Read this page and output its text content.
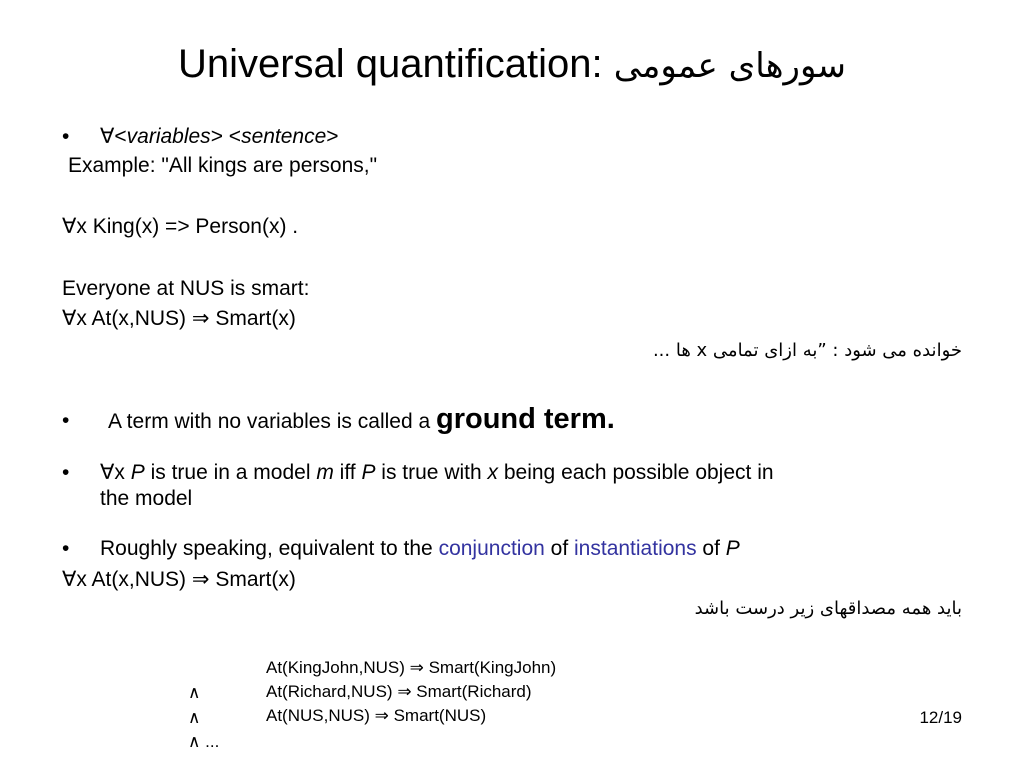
Universal quantification: سورهای عمومی
• ∀<variables> <sentence>
Example: "All kings are persons,"
∀x King(x) => Person(x) .
Everyone at NUS is smart:
∀x At(x,NUS) ⇒ Smart(x)
خوانده می شود : ”به ازای تمامی x ها ...
• A term with no variables is called a ground term.
• ∀x P is true in a model m iff P is true with x being each possible object in
the model
• Roughly speaking, equivalent to the conjunction of instantiations of P
∀x At(x,NUS) ⇒ Smart(x)
باید همه مصداقهای زیر درست باشد
At(KingJohn,NUS) ⇒ Smart(KingJohn)
∧	At(Richard,NUS) ⇒ Smart(Richard)
∧	At(NUS,NUS) ⇒ Smart(NUS)
∧ ...
12/19
